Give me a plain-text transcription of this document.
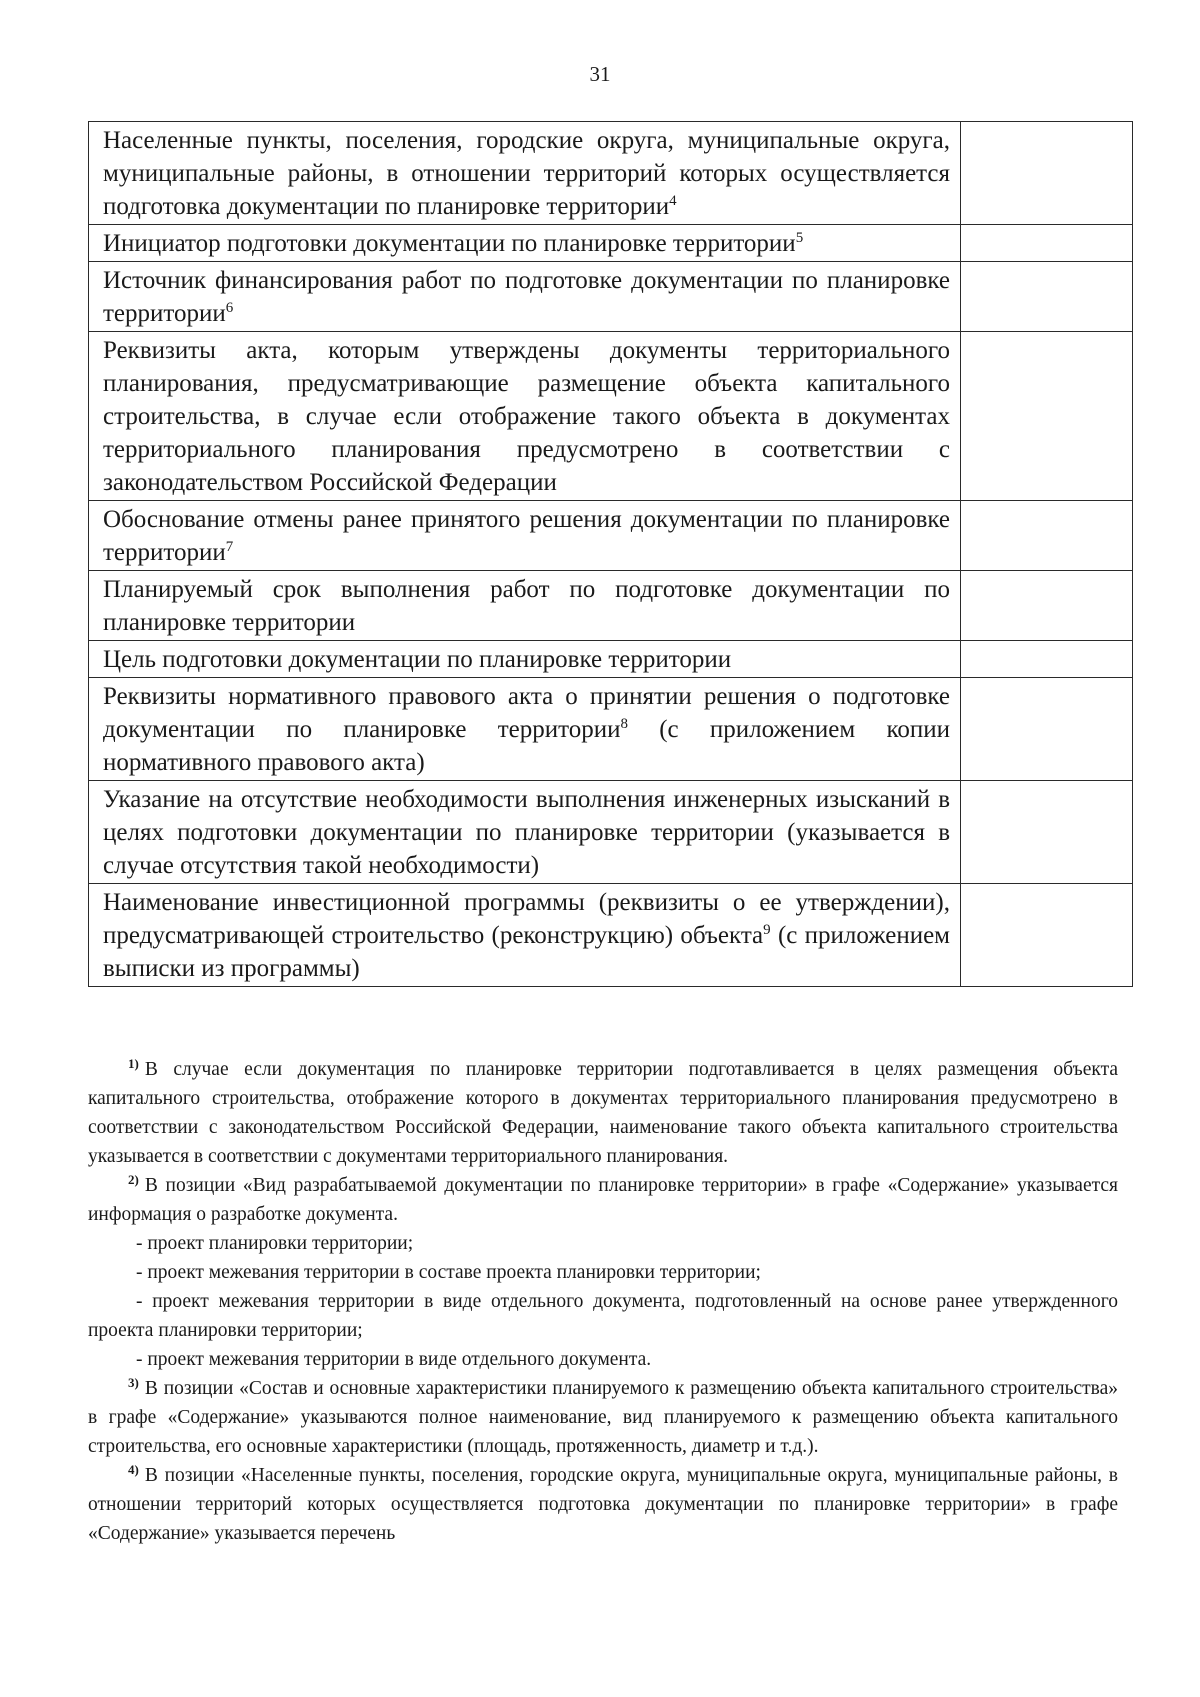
31
Населенные пункты, поселения, городские округа, муниципальные округа, муниципальные районы, в отношении территорий которых осуществляется подготовка документации по планировке территории$^4$	
Инициатор подготовки документации по планировке территории$^5$	
Источник финансирования работ по подготовке документации по планировке территории$^6$	
Реквизиты акта, которым утверждены документы территориального планирования, предусматривающие размещение объекта капитального строительства, в случае если отображение такого объекта в документах территориального планирования предусмотрено в соответствии с законодательством Российской Федерации	
Обоснование отмены ранее принятого решения документации по планировке территории$^7$	
Планируемый срок выполнения работ по подготовке документации по планировке территории	
Цель подготовки документации по планировке территории	
Реквизиты нормативного правового акта о принятии решения о подготовке документации по планировке территории$^8$ (с приложением копии нормативного правового акта)	
Указание на отсутствие необходимости выполнения инженерных изысканий в целях подготовки документации по планировке территории (указывается в случае отсутствия такой необходимости)	
Наименование инвестиционной программы (реквизиты о ее утверждении), предусматривающей строительство (реконструкцию) объекта$^9$ (с приложением выписки из программы)	

$^{1)}$ В случае если документация по планировке территории подготавливается в целях размещения объекта капитального строительства, отображение которого в документах территориального планирования предусмотрено в соответствии с законодательством Российской Федерации, наименование такого объекта капитального строительства указывается в соответствии с документами территориального планирования.

$^{2)}$ В позиции «Вид разрабатываемой документации по планировке территории» в графе «Содержание» указывается информация о разработке документа.

- проект планировки территории;

- проект межевания территории в составе проекта планировки территории;

- проект межевания территории в виде отдельного документа, подготовленный на основе ранее утвержденного проекта планировки территории;

- проект межевания территории в виде отдельного документа.

$^{3)}$ В позиции «Состав и основные характеристики планируемого к размещению объекта капитального строительства» в графе «Содержание» указываются полное наименование, вид планируемого к размещению объекта капитального строительства, его основные характеристики (площадь, протяженность, диаметр и т.д.).

$^{4)}$ В позиции «Населенные пункты, поселения, городские округа, муниципальные округа, муниципальные районы, в отношении территорий которых осуществляется подготовка документации по планировке территории» в графе «Содержание» указывается перечень
